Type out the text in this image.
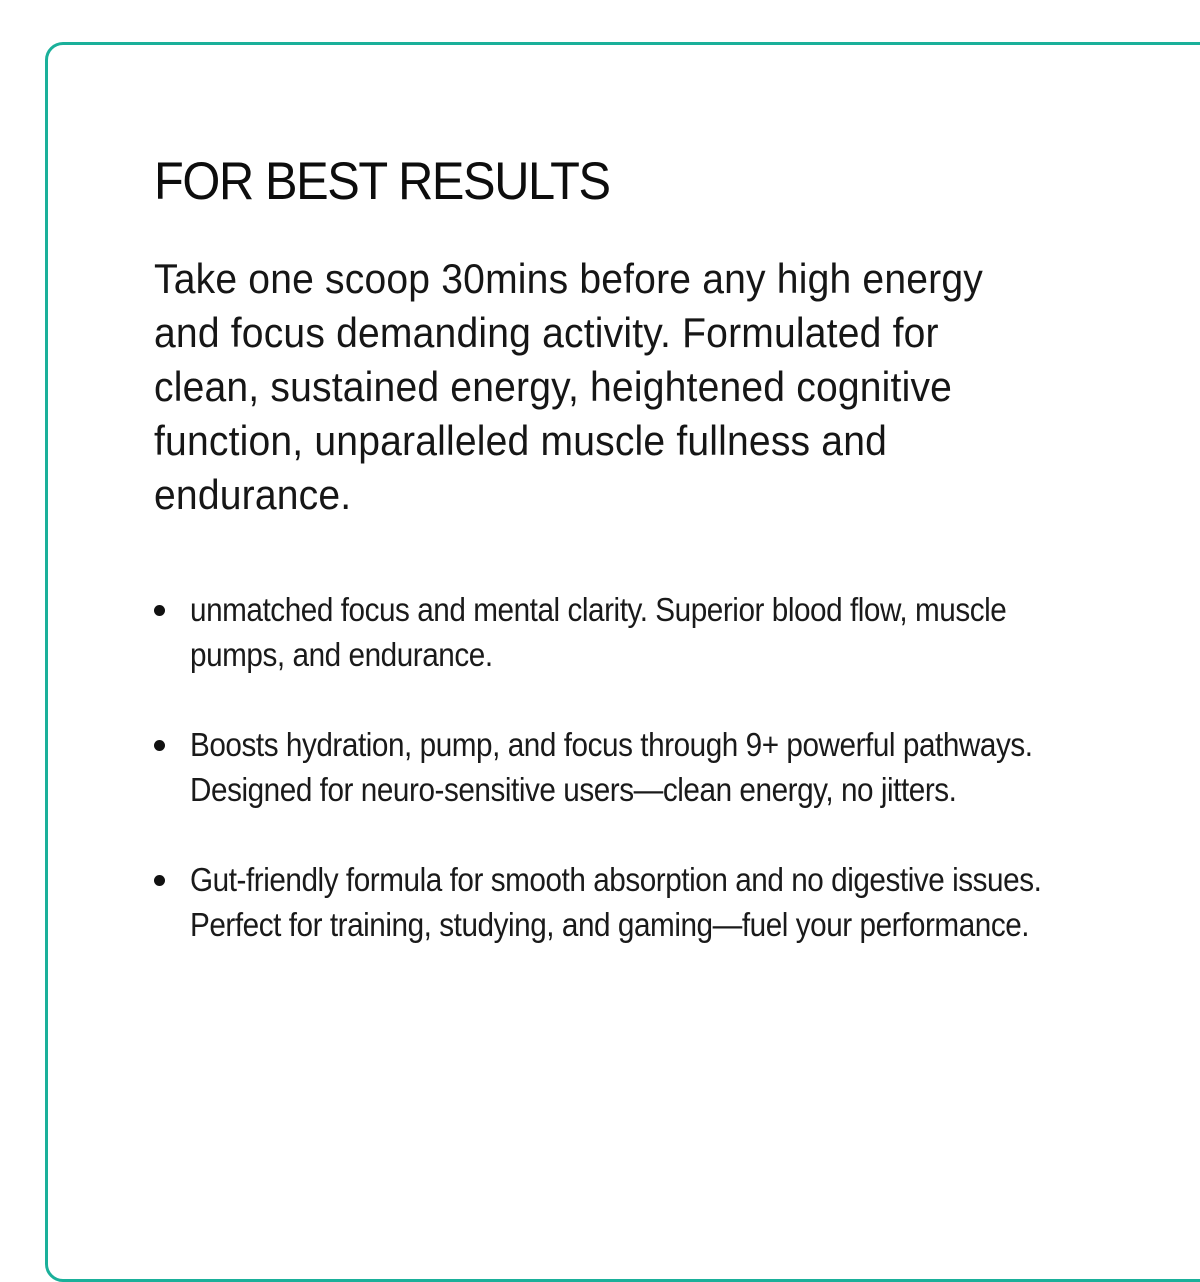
FOR BEST RESULTS

Take one scoop 30mins before any high energy and focus demanding activity. Formulated for clean, sustained energy, heightened cognitive function, unparalleled muscle fullness and endurance.

unmatched focus and mental clarity. Superior blood flow, muscle pumps, and endurance.
Boosts hydration, pump, and focus through 9+ powerful pathways. Designed for neuro-sensitive users—clean energy, no jitters.
Gut-friendly formula for smooth absorption and no digestive issues. Perfect for training, studying, and gaming—fuel your performance.
